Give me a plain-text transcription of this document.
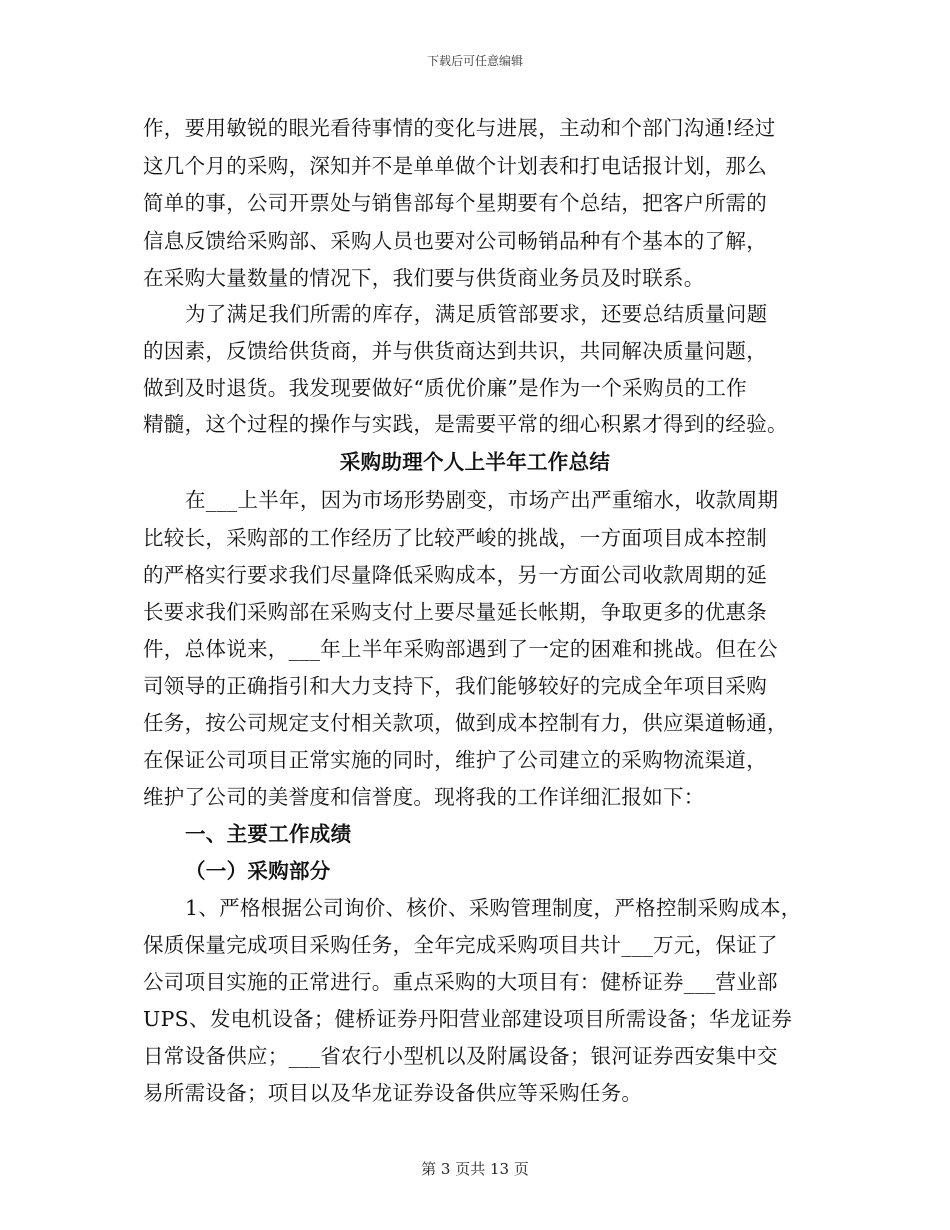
下载后可任意编辑
作，要用敏锐的眼光看待事情的变化与进展，主动和个部门沟通!经过
这几个月的采购，深知并不是单单做个计划表和打电话报计划，那么
简单的事，公司开票处与销售部每个星期要有个总结，把客户所需的
信息反馈给采购部、采购人员也要对公司畅销品种有个基本的了解，
在采购大量数量的情况下，我们要与供货商业务员及时联系。
为了满足我们所需的库存，满足质管部要求，还要总结质量问题
的因素，反馈给供货商，并与供货商达到共识，共同解决质量问题，
做到及时退货。我发现要做好“质优价廉”是作为一个采购员的工作
精髓，这个过程的操作与实践，是需要平常的细心积累才得到的经验。
采购助理个人上半年工作总结
在___上半年，因为市场形势剧变，市场产出严重缩水，收款周期
比较长，采购部的工作经历了比较严峻的挑战，一方面项目成本控制
的严格实行要求我们尽量降低采购成本，另一方面公司收款周期的延
长要求我们采购部在采购支付上要尽量延长帐期，争取更多的优惠条
件，总体说来，___年上半年采购部遇到了一定的困难和挑战。但在公
司领导的正确指引和大力支持下，我们能够较好的完成全年项目采购
任务，按公司规定支付相关款项，做到成本控制有力，供应渠道畅通，
在保证公司项目正常实施的同时，维护了公司建立的采购物流渠道，
维护了公司的美誉度和信誉度。现将我的工作详细汇报如下：
一、主要工作成绩
（一）采购部分
1、严格根据公司询价、核价、采购管理制度，严格控制采购成本，
保质保量完成项目采购任务，全年完成采购项目共计___万元，保证了
公司项目实施的正常进行。重点采购的大项目有：健桥证券___营业部
UPS、发电机设备；健桥证券丹阳营业部建设项目所需设备；华龙证券
日常设备供应；___省农行小型机以及附属设备；银河证券西安集中交
易所需设备；项目以及华龙证券设备供应等采购任务。
第 3 页共 13 页
